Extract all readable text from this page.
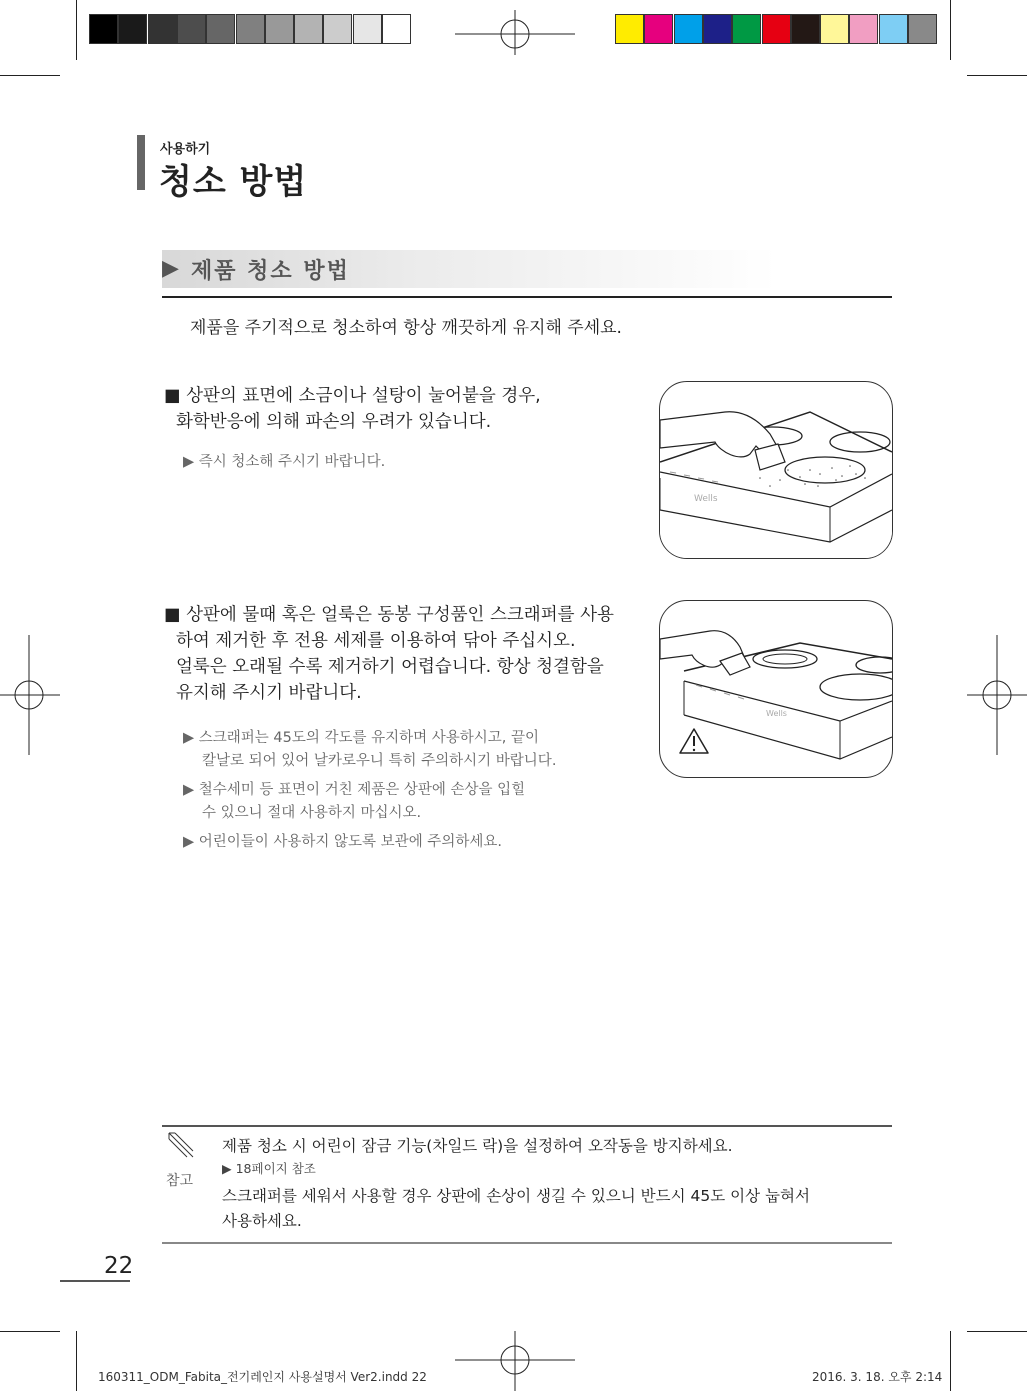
사용하기
청소 방법
▶ 제품 청소 방법
제품을 주기적으로 청소하여 항상 깨끗하게 유지해 주세요.
■ 상판의 표면에 소금이나 설탕이 눌어붙을 경우,
화학반응에 의해 파손의 우려가 있습니다.
▶ 즉시 청소해 주시기 바랍니다.
Wells
■ 상판에 물때 혹은 얼룩은 동봉 구성품인 스크래퍼를 사용
하여 제거한 후 전용 세제를 이용하여 닦아 주십시오.
얼룩은 오래될 수록 제거하기 어렵습니다. 항상 청결함을
유지해 주시기 바랍니다.
▶ 스크래퍼는 45도의 각도를 유지하며 사용하시고, 끝이
칼날로 되어 있어 날카로우니 특히 주의하시기 바랍니다.
▶ 철수세미 등 표면이 거친 제품은 상판에 손상을 입힐
수 있으니 절대 사용하지 마십시오.
▶ 어린이들이 사용하지 않도록 보관에 주의하세요.
Wells
참고
제품 청소 시 어린이 잠금 기능(차일드 락)을 설정하여 오작동을 방지하세요.
▶ 18페이지 참조
스크래퍼를 세워서 사용할 경우 상판에 손상이 생길 수 있으니 반드시 45도 이상 눕혀서
사용하세요.
22
160311_ODM_Fabita_전기레인지 사용설명서 Ver2.indd 22	2016. 3. 18. 오후 2:14
